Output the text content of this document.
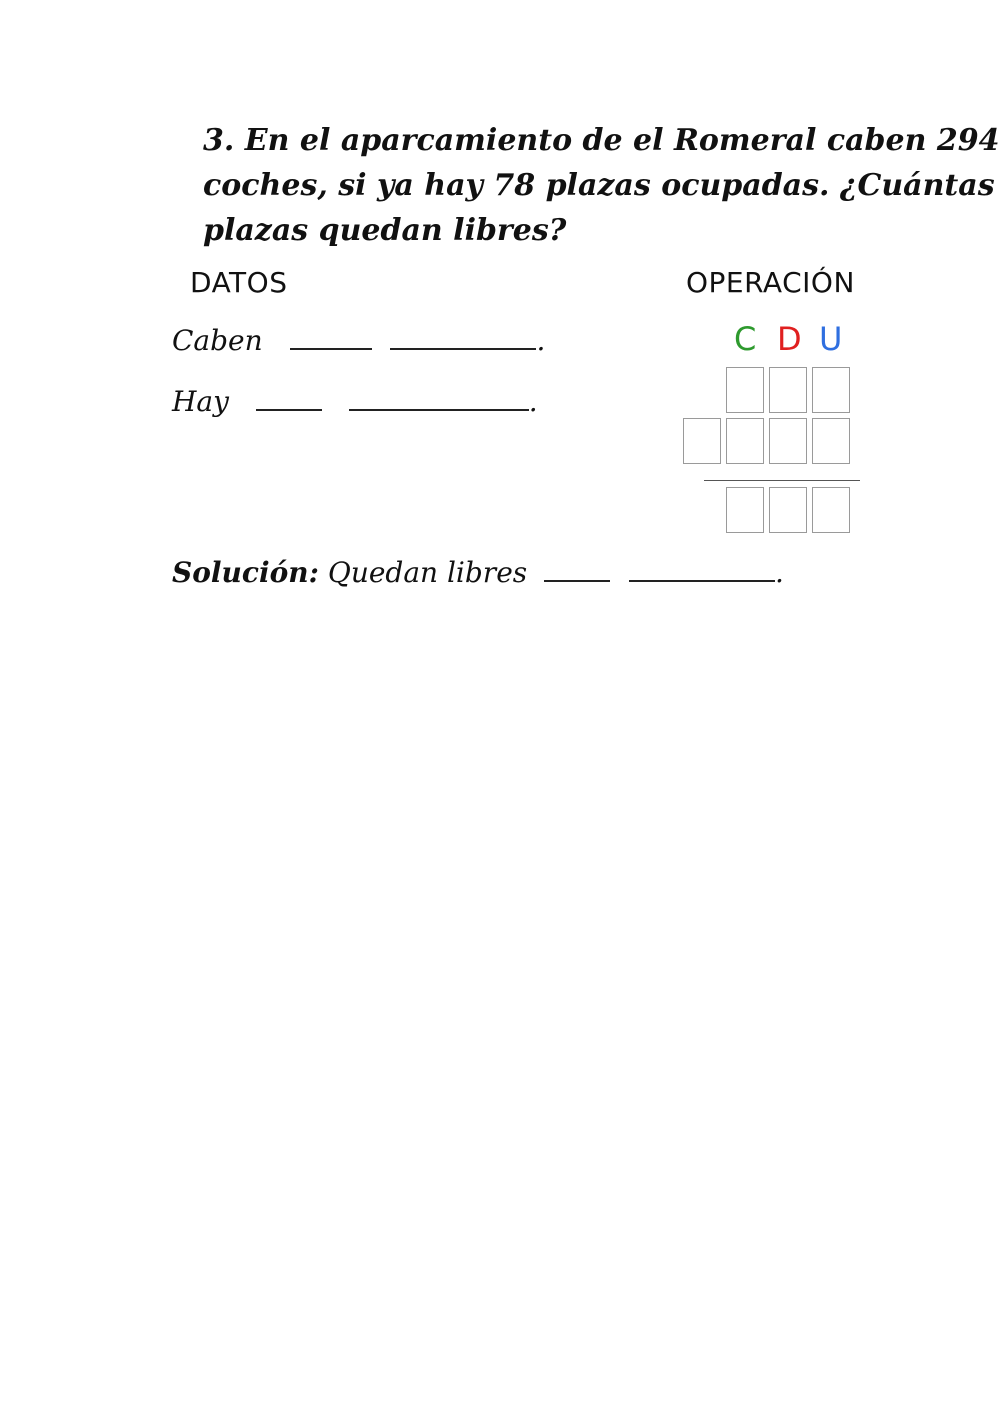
3. En el aparcamiento de el Romeral caben 294
coches, si ya hay 78 plazas ocupadas. ¿Cuántas
plazas quedan libres?
DATOS	OPERACIÓN
Caben	.
Hay	.
C D U
Solución: Quedan libres	.
